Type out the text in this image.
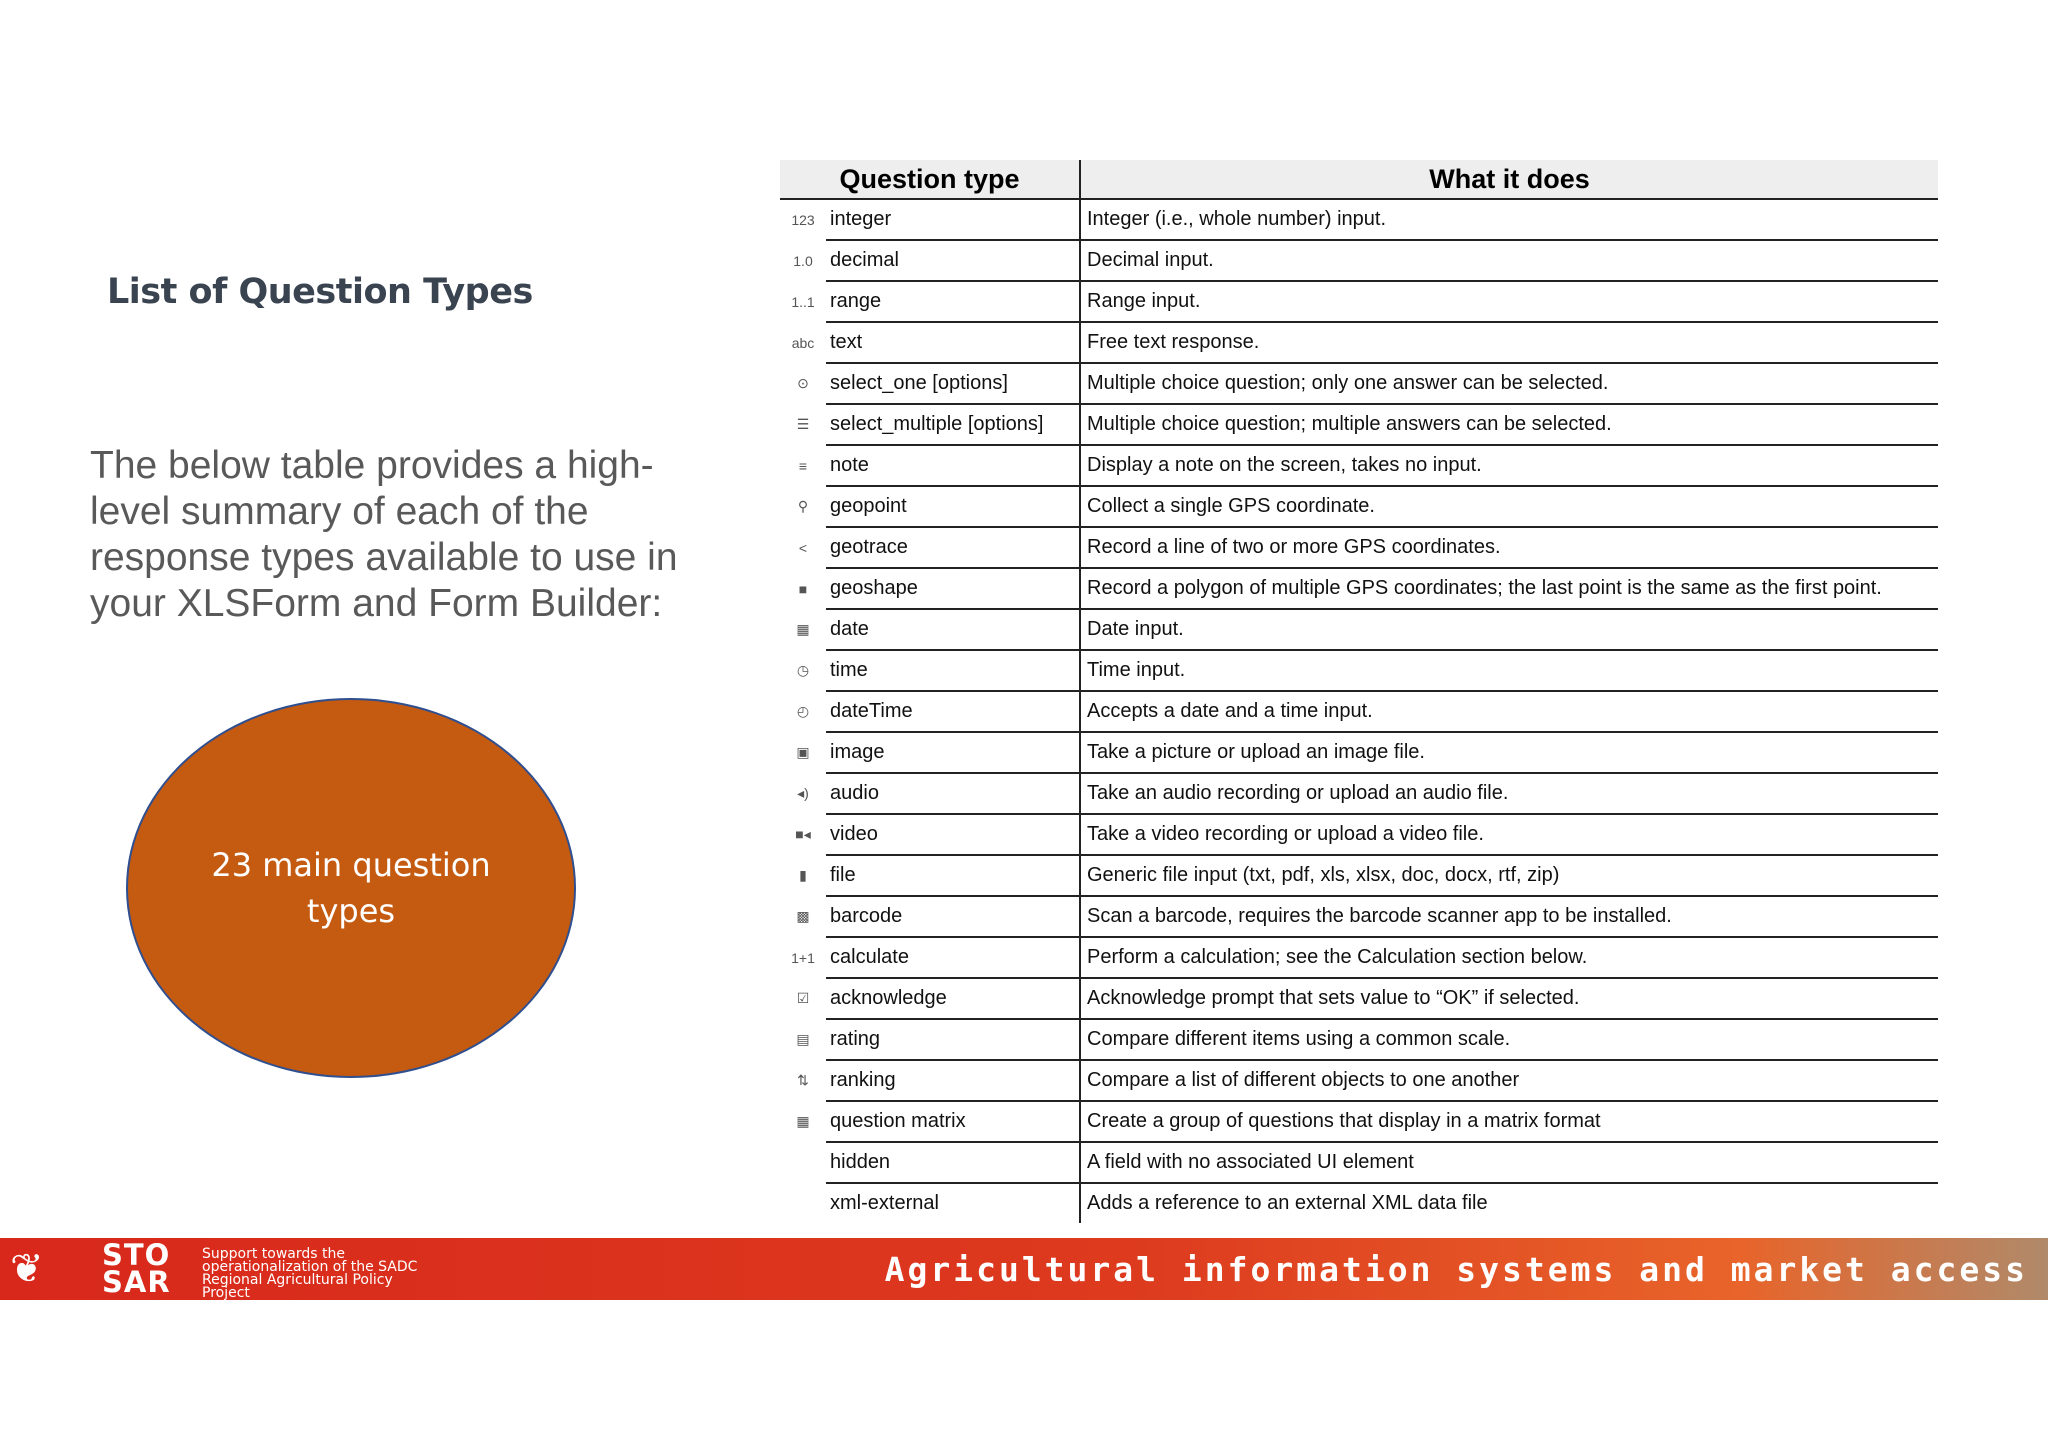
List of Question Types
The below table provides a high-level summary of each of the response types available to use in your XLSForm and Form Builder:
23 main question types
Question type		What it does
123	integer	Integer (i.e., whole number) input.
1.0	decimal	Decimal input.
1..1	range	Range input.
abc	text	Free text response.
⊙	select_one [options]	Multiple choice question; only one answer can be selected.
☰	select_multiple [options]	Multiple choice question; multiple answers can be selected.
≡	note	Display a note on the screen, takes no input.
⚲	geopoint	Collect a single GPS coordinate.
<	geotrace	Record a line of two or more GPS coordinates.
■	geoshape	Record a polygon of multiple GPS coordinates; the last point is the same as the first point.
▦	date	Date input.
◷	time	Time input.
◴	dateTime	Accepts a date and a time input.
▣	image	Take a picture or upload an image file.
◂)	audio	Take an audio recording or upload an audio file.
■◂	video	Take a video recording or upload a video file.
▮	file	Generic file input (txt, pdf, xls, xlsx, doc, docx, rtf, zip)
▩	barcode	Scan a barcode, requires the barcode scanner app to be installed.
1+1	calculate	Perform a calculation; see the Calculation section below.
☑	acknowledge	Acknowledge prompt that sets value to “OK” if selected.
▤	rating	Compare different items using a common scale.
⇅	ranking	Compare a list of different objects to one another
▦	question matrix	Create a group of questions that display in a matrix format
	hidden	A field with no associated UI element
	xml-external	Adds a reference to an external XML data file
❦	STO SAR
Support towards the operationalization of the SADC Regional Agricultural Policy Project
Agricultural information systems and market access
